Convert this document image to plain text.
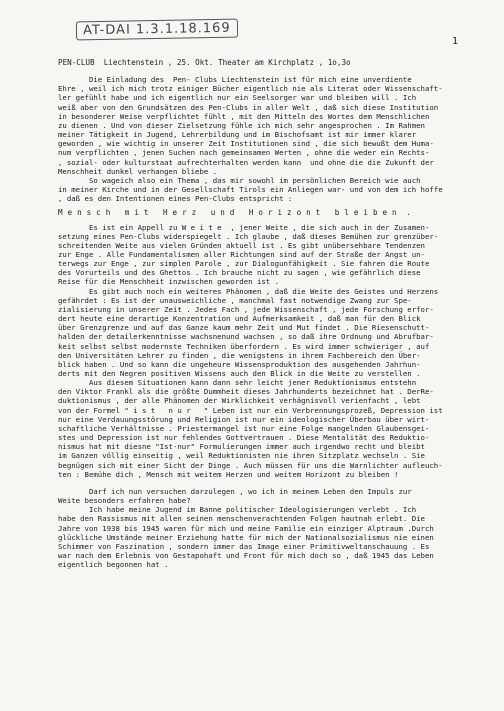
AT-DAI 1.3.1.18.169
1
PEN-CLUB  Liechtenstein , 25. Okt. Theater am Kirchplatz , 1o,3o
Die Einladung des  Pen- Clubs Liechtenstein ist für mich eine unverdiente
Ehre , weil ich mich trotz einiger Bücher eigentlich nie als Literat oder Wissenschaft-
ler gefühlt habe und ich eigentlich nur ein Seelsorger war und bleiben will . Ich
weiß aber von den Grundsätzen des Pen-Clubs in aller Welt , daß sich diese Institution
in besonderer Weise verpflichtet fühlt , mit den Mitteln des Wortes dem Menschlichen
zu dienen . Und von dieser Zielsetzung fühle ich mich sehr angesprochen . Im Rahmen
meiner Tätigkeit in Jugend, Lehrerbildung und im Bischofsamt ist mir immer klarer
geworden , wie wichtig in unserer Zeit Institutionen sind , die sich bewußt dem Huma-
num verpflichten , jenen Suchen nach gemeinsamen Werten , ohne die weder ein Rechts-
, sozial- oder kulturstaat aufrechterhalten werden kann  und ohne die die Zukunft der
Menschheit dunkel verhangen bliebe .
So wageich also ein Thema , das mir sowohl im persönlichen Bereich wie auch
in meiner Kirche und in der Gesellschaft Tirols ein Anliegen war- und von dem ich hoffe
, daß es den Intentionen eines Pen-Clubs entspricht :
M e n s c h   m i t   H e r z   u n d   H o r i z o n t   b l e i b e n  .
Es ist ein Appell zu W e i t e  , jener Weite , die sich auch in der Zusamen-
setzung eines Pen-Clubs widerspiegelt . Ich glaube , daß dieses Bemühen zur grenzüber-
schreitenden Weite aus vielen Gründen aktuell ist . Es gibt unübersehbare Tendenzen
zur Enge . Alle Fundamentalismen aller Richtungen sind auf der Straße der Angst un-
terwegs zur Enge , zur simplen Parole , zur Dialogunfähigkeit . Sie fahren die Route
des Vorurteils und des Ghettos . Ich brauche nicht zu sagen , wie gefährlich diese
Reise für die Menschheit inzwischen geworden ist .
Es gibt auch noch ein weiteres Phänomen , daß die Weite des Geistes und Herzens
gefährdet : Es ist der unausweichliche , manchmal fast notwendige Zwang zur Spe-
zialisierung in unserer Zeit . Jedes Fach , jede Wissenschaft , jede Forschung erfor-
dert heute eine derartige Konzentration und Aufmerksamkeit , daß man für den Blick
über Grenzgrenze und auf das Ganze kaum mehr Zeit und Mut findet . Die Riesenschutt-
halden der detailerkenntnisse wachsnenund wachsen , so daß ihre Ordnung und Abrufbar-
keit selbst selbst modernste Techniken überfordern . Es wird immer schwieriger , auf
den Universitäten Lehrer zu finden , die wenigstens in ihrem Fachbereich den Über-
blick haben . Und so kann die ungeheure Wissensproduktion des ausgehenden Jahrhun-
derts mit den Negren positiven Wissens auch den Blick in die Weite zu verstellen .
Aus diesem Situationen kann dann sehr leicht jener Reduktionismus entstehn
den Viktor Frankl als die größte Dummheit dieses Jahrhunderts bezeichnet hat . DerRe-
duktionismus , der alle Phänomen der Wirklichkeit verhägnisvoll verienfacht , lebt
von der Formel " i s t   n u r   " Leben ist nur ein Verbrennungsprozeß, Depression ist
nur eine Verdauungsstörung und Religion ist nur ein ideologischer Überbau über wirt-
schaftliche Verhältnisse . Priestermangel ist nur eine Folge mangelnden Glaubensgei-
stes und Depression ist nur fehlendes Gottvertrauen . Diese Mentalität des Reduktio-
nismus hat mit diesne "Ist-nur" Formulierungen immer auch irgendwo recht und bleibt
im Ganzen völlig einseitig , weil Reduktionisten nie ihren Sitzplatz wechseln . Sie
begnügen sich mit einer Sicht der Dinge . Auch müssen für uns die Warnlichter aufleuch-
ten : Bemühe dich , Mensch mit weitem Herzen und weitem Horizont zu bleiben !
Darf ich nun versuchen darzulegen , wo ich in meinem Leben den Impuls zur
Weite besonders erfahren habe?
Ich habe meine Jugend im Banne politischer Ideologisierungen verlebt . Ich
habe den Rassismus mit allen seinen menschenverachtenden Folgen hautnah erlebt. Die
Jahre von 1938 bis 1945 waren für mich und meine Familie ein einziger Alptraum .Durch
glückliche Umstände meiner Erziehung hatte für mich der Nationalsozialismus nie einen
Schimmer von Faszination , sondern immer das Image einer Primitivweltanschauung . Es
war nach dem Erlebnis von Gestapohaft und Front für mich doch so , daß 1945 das Leben
eigentlich begonnen hat .
